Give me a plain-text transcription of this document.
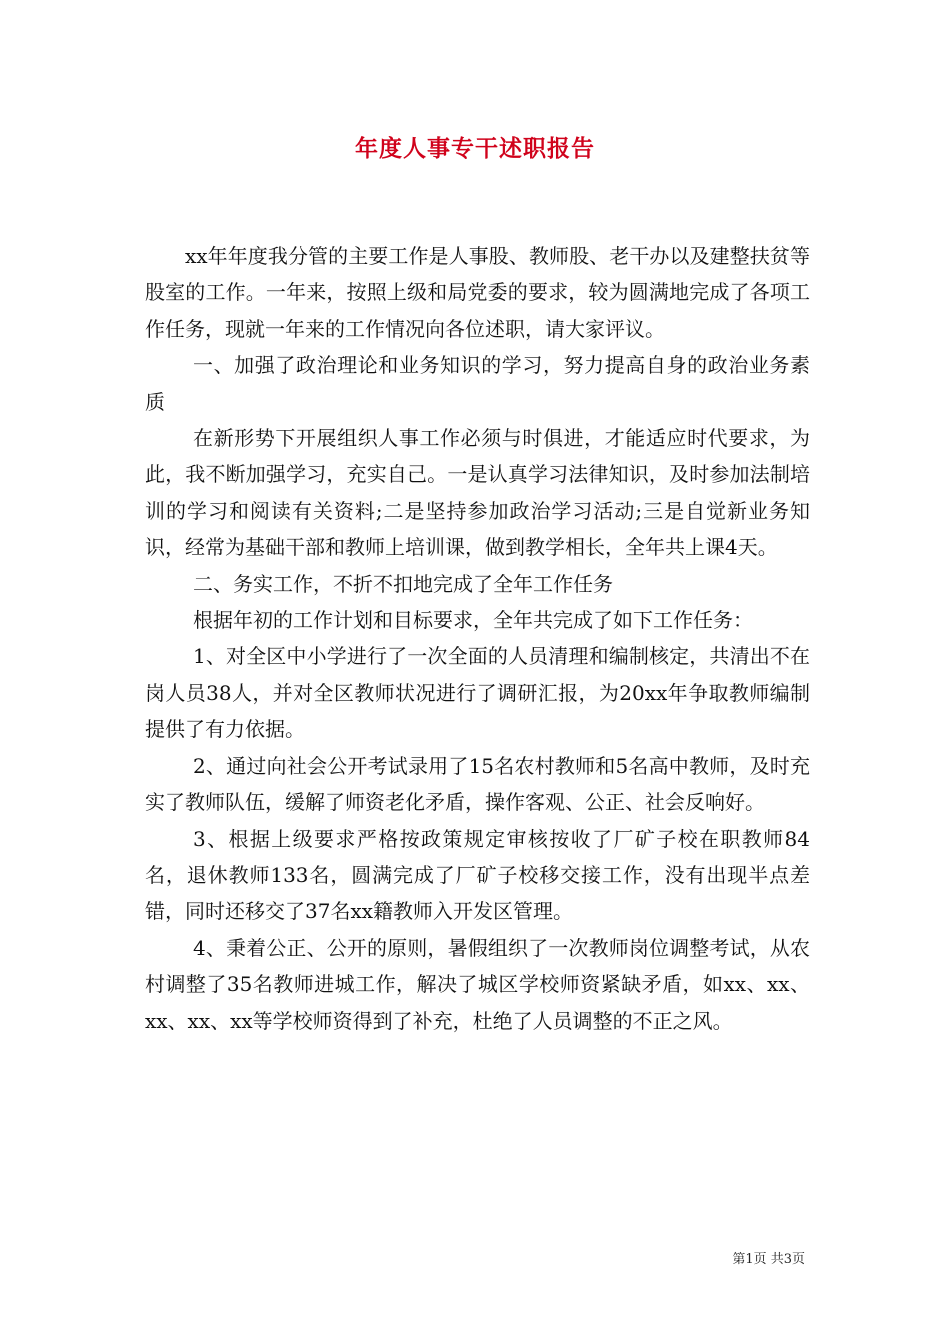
年度人事专干述职报告

xx年年度我分管的主要工作是人事股、教师股、老干办以及建整扶贫等股室的工作。一年来，按照上级和局党委的要求，较为圆满地完成了各项工作任务，现就一年来的工作情况向各位述职，请大家评议。

一、加强了政治理论和业务知识的学习，努力提高自身的政治业务素质

在新形势下开展组织人事工作必须与时俱进，才能适应时代要求，为此，我不断加强学习，充实自己。一是认真学习法律知识，及时参加法制培训的学习和阅读有关资料;二是坚持参加政治学习活动;三是自觉新业务知识，经常为基础干部和教师上培训课，做到教学相长，全年共上课4天。

二、务实工作，不折不扣地完成了全年工作任务

根据年初的工作计划和目标要求，全年共完成了如下工作任务：

1、对全区中小学进行了一次全面的人员清理和编制核定，共清出不在岗人员38人，并对全区教师状况进行了调研汇报，为20xx年争取教师编制提供了有力依据。

2、通过向社会公开考试录用了15名农村教师和5名高中教师，及时充实了教师队伍，缓解了师资老化矛盾，操作客观、公正、社会反响好。

3、根据上级要求严格按政策规定审核按收了厂矿子校在职教师84名，退休教师133名，圆满完成了厂矿子校移交接工作，没有出现半点差错，同时还移交了37名xx籍教师入开发区管理。

4、秉着公正、公开的原则，暑假组织了一次教师岗位调整考试，从农村调整了35名教师进城工作，解决了城区学校师资紧缺矛盾，如xx、xx、xx、xx、xx等学校师资得到了补充，杜绝了人员调整的不正之风。

第1页 共3页
